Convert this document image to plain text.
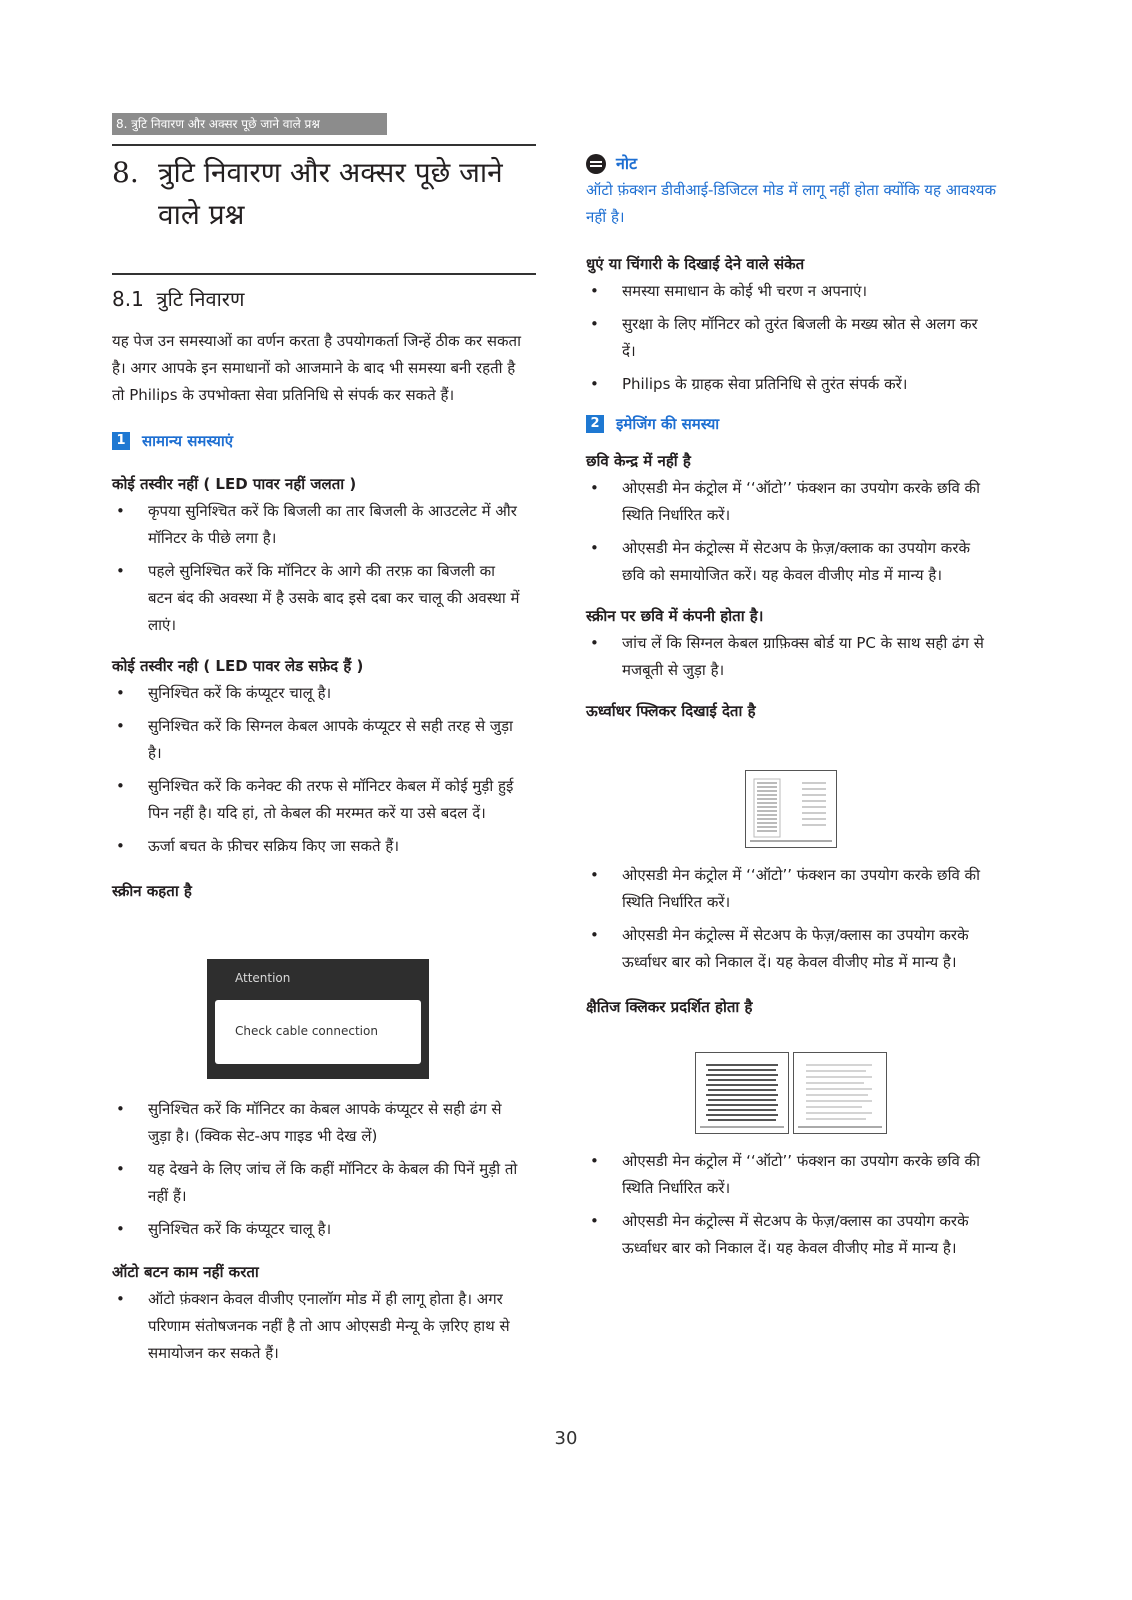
8. त्रुटि निवारण और अक्सर पूछे जाने वाले प्रश्न
8. त्रुटि निवारण और अक्सर पूछे जाने वाले प्रश्न
8.1 त्रुटि निवारण

यह पेज उन समस्याओं का वर्णन करता है उपयोगकर्ता जिन्हें ठीक कर सकता है। अगर आपके इन समाधानों को आजमाने के बाद भी समस्या बनी रहती है तो Philips के उपभोक्ता सेवा प्रतिनिधि से संपर्क कर सकते हैं।

1 सामान्य समस्याएं

कोई तस्वीर नहीं ( LED पावर नहीं जलता )

• कृपया सुनिश्चित करें कि बिजली का तार बिजली के आउटलेट में और मॉनिटर के पीछे लगा है।
• पहले सुनिश्चित करें कि मॉनिटर के आगे की तरफ़ का बिजली का बटन बंद की अवस्था में है उसके बाद इसे दबा कर चालू की अवस्था में लाएं।

कोई तस्वीर नही ( LED पावर लेड सफ़ेद हैं )

• सुनिश्चित करें कि कंप्यूटर चालू है।
• सुनिश्चित करें कि सिग्नल केबल आपके कंप्यूटर से सही तरह से जुड़ा है।
• सुनिश्चित करें कि कनेक्ट की तरफ से मॉनिटर केबल में कोई मुड़ी हुई पिन नहीं है। यदि हां, तो केबल की मरम्मत करें या उसे बदल दें।
• ऊर्जा बचत के फ़ीचर सक्रिय किए जा सकते हैं।

स्क्रीन कहता है

Attention
Check cable connection
• सुनिश्चित करें कि मॉनिटर का केबल आपके कंप्यूटर से सही ढंग से जुड़ा है। (क्विक सेट-अप गाइड भी देख लें)
• यह देखने के लिए जांच लें कि कहीं मॉनिटर के केबल की पिनें मुड़ी तो नहीं हैं।
• सुनिश्चित करें कि कंप्यूटर चालू है।

ऑटो बटन काम नहीं करता

• ऑटो फ़ंक्शन केवल वीजीए एनालॉग मोड में ही लागू होता है। अगर परिणाम संतोषजनक नहीं है तो आप ओएसडी मेन्यू के ज़रिए हाथ से समायोजन कर सकते हैं।
नोट

ऑटो फ़ंक्शन डीवीआई-डिजिटल मोड में लागू नहीं होता क्योंकि यह आवश्यक नहीं है।

धुएं या चिंगारी के दिखाई देने वाले संकेत

• समस्या समाधान के कोई भी चरण न अपनाएं।
• सुरक्षा के लिए मॉनिटर को तुरंत बिजली के मख्य स्रोत से अलग कर दें।
• Philips के ग्राहक सेवा प्रतिनिधि से तुरंत संपर्क करें।
2 इमेजिंग की समस्या

छवि केन्द्र में नहीं है

• ओएसडी मेन कंट्रोल में ‘‘ऑटो’’ फंक्शन का उपयोग करके छवि की स्थिति निर्धारित करें।
• ओएसडी मेन कंट्रोल्स में सेटअप के फ़ेज़/क्लाक का उपयोग करके छवि को समायोजित करें। यह केवल वीजीए मोड में मान्य है।

स्क्रीन पर छवि में कंपनी होता है।

• जांच लें कि सिग्नल केबल ग्राफ़िक्स बोर्ड या PC के साथ सही ढंग से मजबूती से जुड़ा है।

ऊर्ध्वाधर फ्लिकर दिखाई देता है

• ओएसडी मेन कंट्रोल में ‘‘ऑटो’’ फंक्शन का उपयोग करके छवि की स्थिति निर्धारित करें।
• ओएसडी मेन कंट्रोल्स में सेटअप के फेज़/क्लास का उपयोग करके ऊर्ध्वाधर बार को निकाल दें। यह केवल वीजीए मोड में मान्य है।

क्षैतिज क्लिकर प्रदर्शित होता है

• ओएसडी मेन कंट्रोल में ‘‘ऑटो’’ फंक्शन का उपयोग करके छवि की स्थिति निर्धारित करें।
• ओएसडी मेन कंट्रोल्स में सेटअप के फेज़/क्लास का उपयोग करके ऊर्ध्वाधर बार को निकाल दें। यह केवल वीजीए मोड में मान्य है।
30
